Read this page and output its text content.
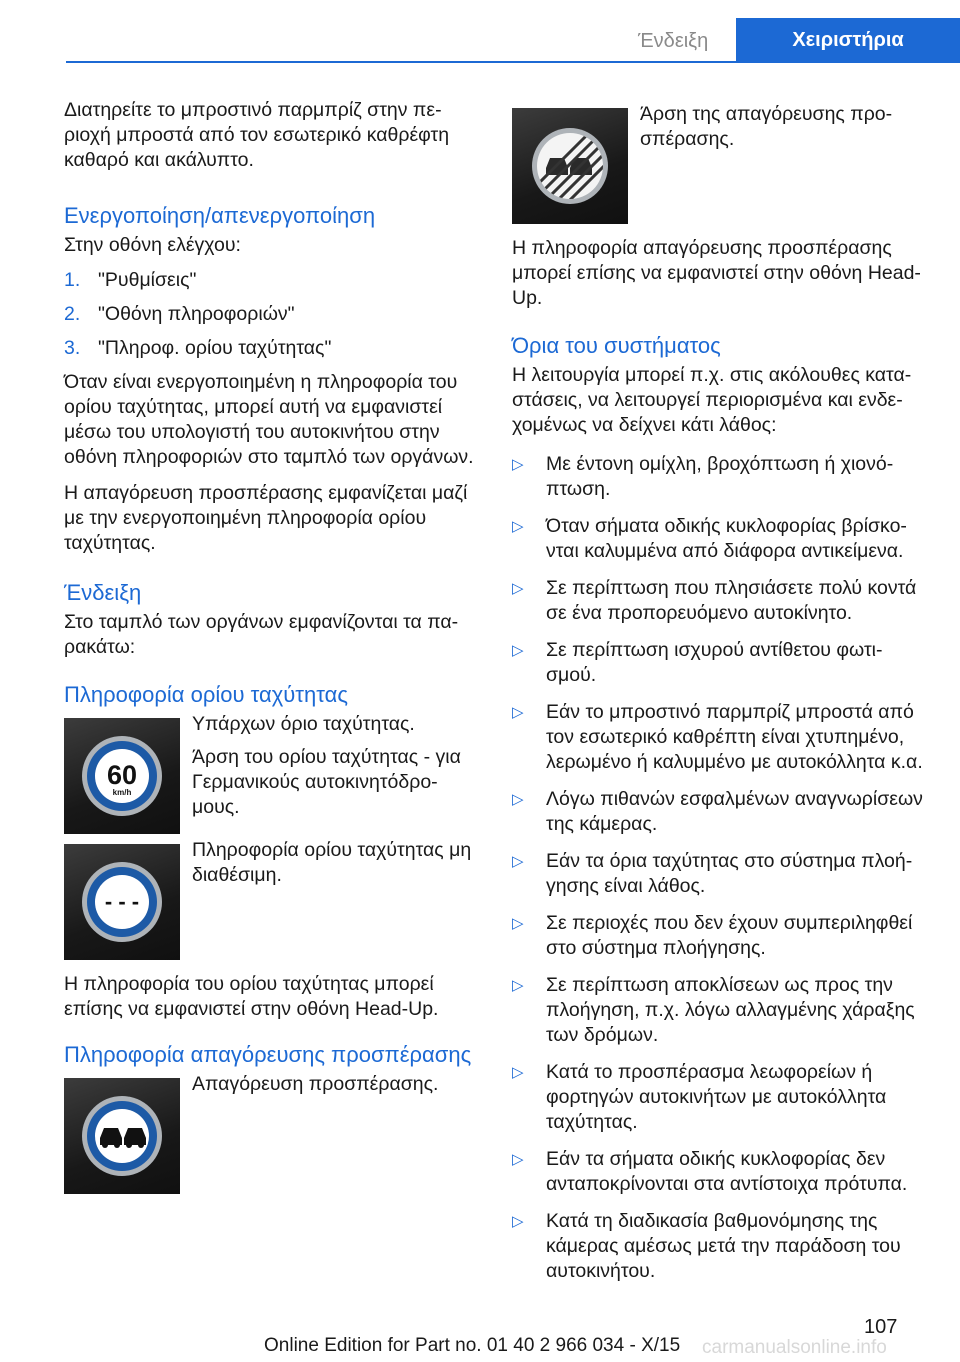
Ένδειξη	Χειριστήρια

Διατηρείτε το μπροστινό παρμπρίζ στην πε-ριοχή μπροστά από τον εσωτερικό καθρέφτη καθαρό και ακάλυπτο.

Ενεργοποίηση/απενεργοποίηση

Στην οθόνη ελέγχου:

1. "Ρυθμίσεις"
2. "Οθόνη πληροφοριών"
3. "Πληροφ. ορίου ταχύτητας"

Όταν είναι ενεργοποιημένη η πληροφορία του ορίου ταχύτητας, μπορεί αυτή να εμφανιστεί μέσω του υπολογιστή του αυτοκινήτου στην οθόνη πληροφοριών στο ταμπλό των οργάνων.

Η απαγόρευση προσπέρασης εμφανίζεται μαζί με την ενεργοποιημένη πληροφορία ορίου ταχύτητας.

Ένδειξη

Στο ταμπλό των οργάνων εμφανίζονται τα πα-ρακάτω:

Πληροφορία ορίου ταχύτητας
60
km/h

Υπάρχων όριο ταχύτητας.

Άρση του ορίου ταχύτητας - για Γερμανικούς αυτοκινητόδρο-μους.

- - -

Πληροφορία ορίου ταχύτητας μη διαθέσιμη.

Η πληροφορία του ορίου ταχύτητας μπορεί επίσης να εμφανιστεί στην οθόνη Head-Up.

Πληροφορία απαγόρευσης προσπέρασης

Απαγόρευση προσπέρασης.

Άρση της απαγόρευσης προ-σπέρασης.

Η πληροφορία απαγόρευσης προσπέρασης μπορεί επίσης να εμφανιστεί στην οθόνη Head-Up.

Όρια του συστήματος

Η λειτουργία μπορεί π.χ. στις ακόλουθες κατα-στάσεις, να λειτουργεί περιορισμένα και ενδε-χομένως να δείχνει κάτι λάθος:

▷	Με έντονη ομίχλη, βροχόπτωση ή χιονό-πτωση.
▷	Όταν σήματα οδικής κυκλοφορίας βρίσκο-νται καλυμμένα από διάφορα αντικείμενα.
▷	Σε περίπτωση που πλησιάσετε πολύ κοντά σε ένα προπορευόμενο αυτοκίνητο.
▷	Σε περίπτωση ισχυρού αντίθετου φωτι-σμού.
▷	Εάν το μπροστινό παρμπρίζ μπροστά από τον εσωτερικό καθρέπτη είναι χτυπημένο, λερωμένο ή καλυμμένο με αυτοκόλλητα κ.α.
▷	Λόγω πιθανών εσφαλμένων αναγνωρίσεων της κάμερας.
▷	Εάν τα όρια ταχύτητας στο σύστημα πλοή-γησης είναι λάθος.
▷	Σε περιοχές που δεν έχουν συμπεριληφθεί στο σύστημα πλοήγησης.
▷	Σε περίπτωση αποκλίσεων ως προς την πλοήγηση, π.χ. λόγω αλλαγμένης χάραξης των δρόμων.
▷	Κατά το προσπέρασμα λεωφορείων ή φορτηγών αυτοκινήτων με αυτοκόλλητα ταχύτητας.
▷	Εάν τα σήματα οδικής κυκλοφορίας δεν ανταποκρίνονται στα αντίστοιχα πρότυπα.
▷	Κατά τη διαδικασία βαθμονόμησης της κάμερας αμέσως μετά την παράδοση του αυτοκινήτου.
107
carmanualsonline.info
Online Edition for Part no. 01 40 2 966 034 - X/15
